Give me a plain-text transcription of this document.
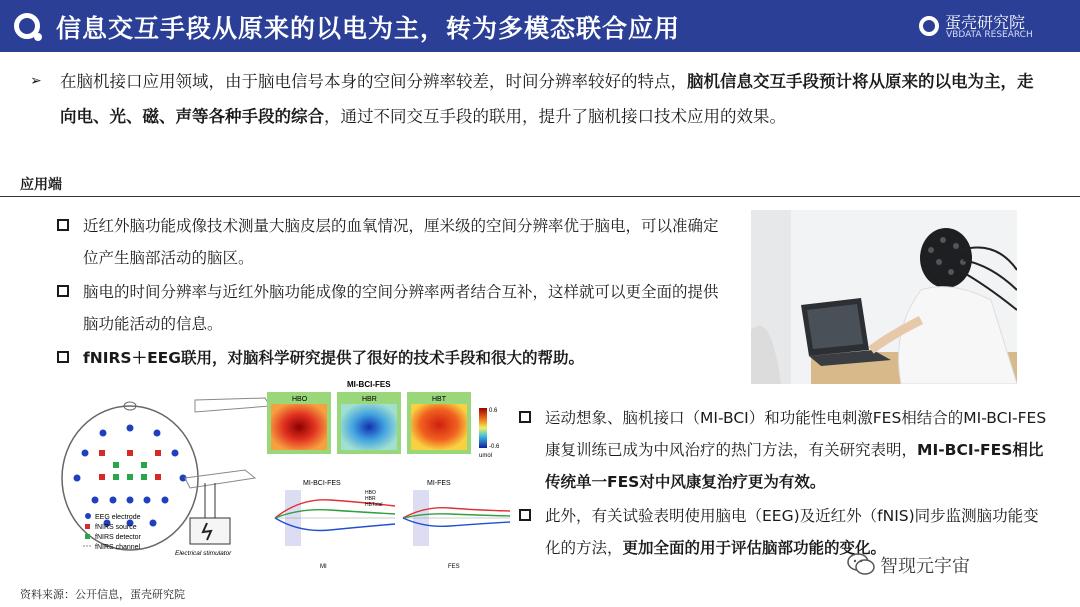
信息交互手段从原来的以电为主，转为多模态联合应用	蛋壳研究院
VBDATA RESEARCH
➢ 在脑机接口应用领域，由于脑电信号本身的空间分辨率较差，时间分辨率较好的特点，脑机信息交互手段预计将从原来的以电为主，走向电、光、磁、声等各种手段的综合，通过不同交互手段的联用，提升了脑机接口技术应用的效果。
应用端
近红外脑功能成像技术测量大脑皮层的血氧情况，厘米级的空间分辨率优于脑电，可以准确定位产生脑部活动的脑区。
脑电的时间分辨率与近红外脑功能成像的空间分辨率两者结合互补，这样就可以更全面的提供脑功能活动的信息。
fNIRS＋EEG联用，对脑科学研究提供了很好的技术手段和很大的帮助。
EEG electrode
fNIRS source
fNIRS detector
fNIRS channel
Electrical stimulator
MI-BCI-FES
HBO	HBR	HBT
0.6
-0.6
umol
MI-BCI-FES	MI-FES
HBO
HBR
HBTotal
MI	FES
运动想象、脑机接口（MI-BCI）和功能性电刺激FES相结合的MI-BCI-FES康复训练已成为中风治疗的热门方法，有关研究表明，MI-BCI-FES相比传统单一FES对中风康复治疗更为有效。
此外，有关试验表明使用脑电（EEG)及近红外（fNIS)同步监测脑功能变化的方法，更加全面的用于评估脑部功能的变化。
资料来源：公开信息，蛋壳研究院
智现元宇宙
